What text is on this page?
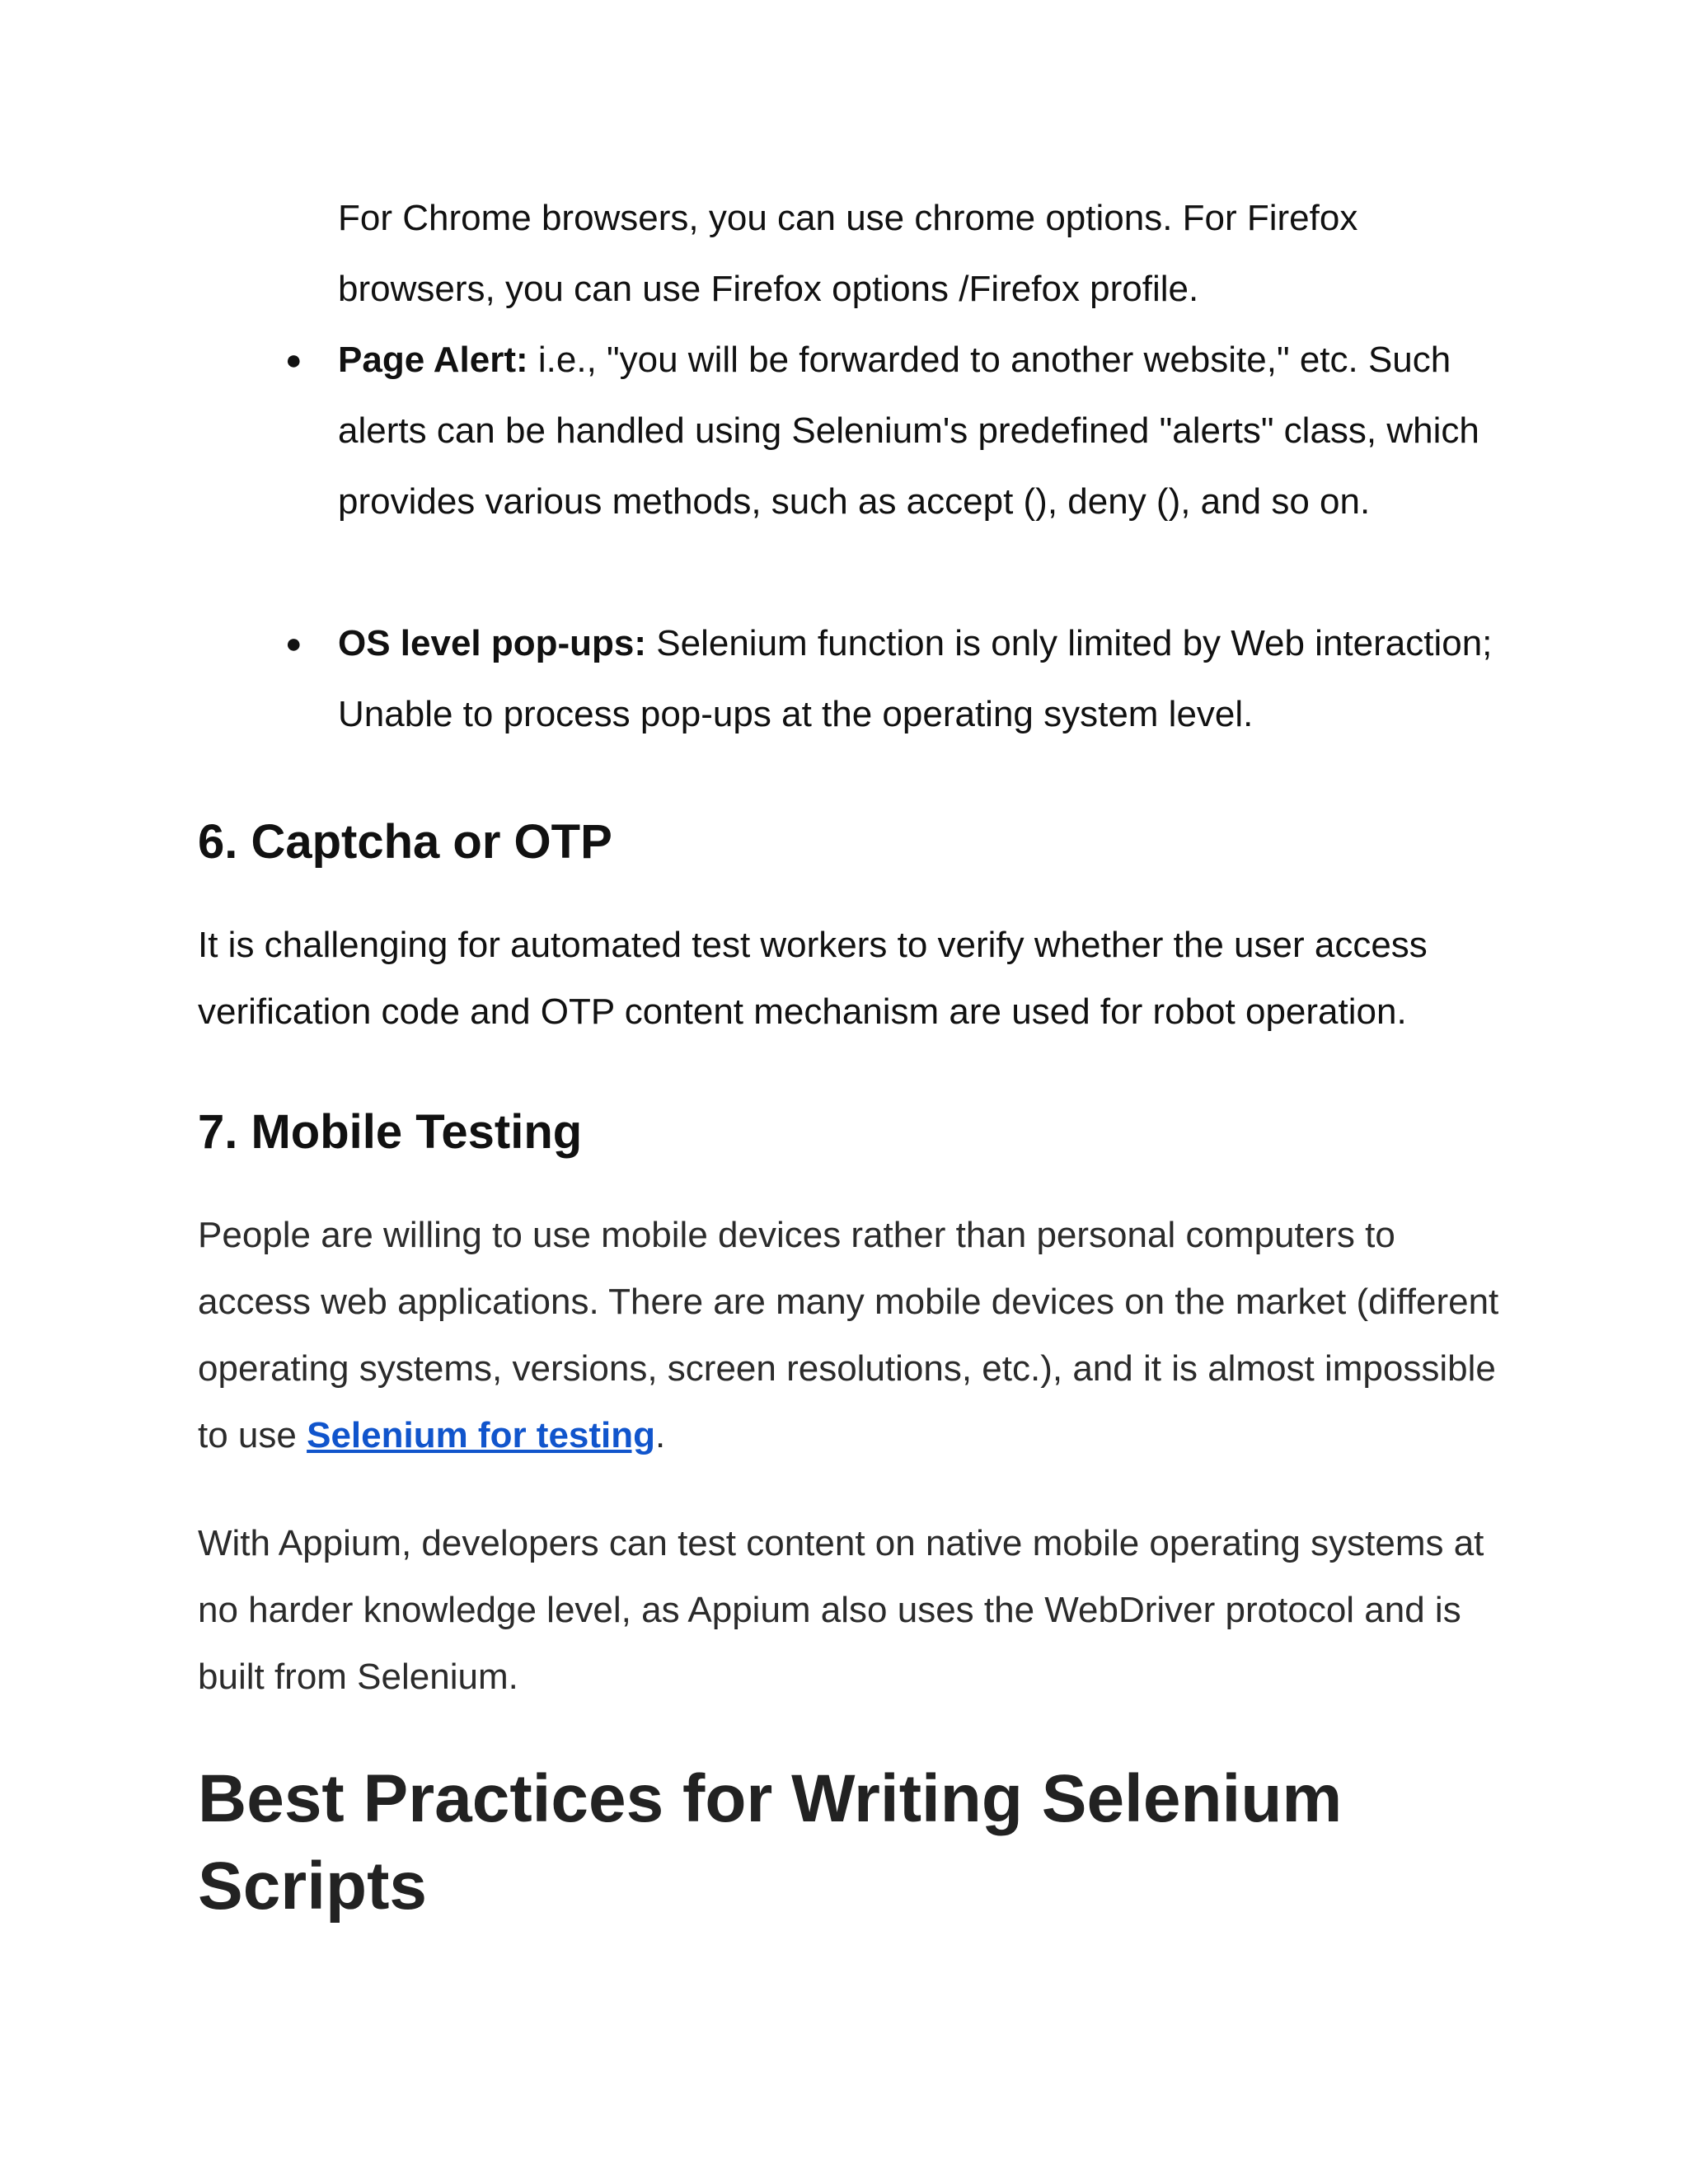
For Chrome browsers, you can use chrome options. For Firefox
browsers, you can use Firefox options /Firefox profile.

● Page Alert: i.e., "you will be forwarded to another website," etc. Such alerts can be handled using Selenium's predefined "alerts" class, which provides various methods, such as accept (), deny (), and so on.
● OS level pop-ups: Selenium function is only limited by Web interaction; Unable to process pop-ups at the operating system level.
6. Captcha or OTP

It is challenging for automated test workers to verify whether the user access verification code and OTP content mechanism are used for robot operation.

7. Mobile Testing

People are willing to use mobile devices rather than personal computers to access web applications. There are many mobile devices on the market (different operating systems, versions, screen resolutions, etc.), and it is almost impossible to use Selenium for testing.

With Appium, developers can test content on native mobile operating systems at no harder knowledge level, as Appium also uses the WebDriver protocol and is built from Selenium.

Best Practices for Writing Selenium Scripts
